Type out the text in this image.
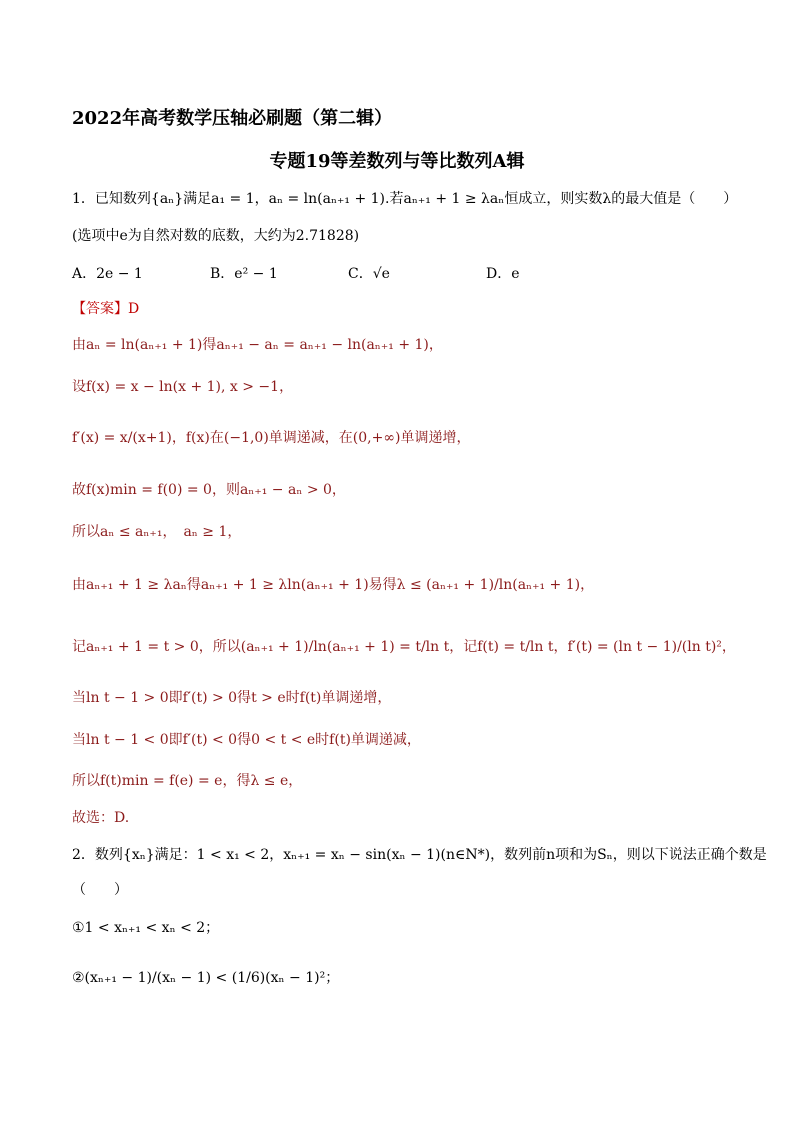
2022年高考数学压轴必刷题（第二辑）
专题19等差数列与等比数列A辑
1．已知数列{aₙ}满足a₁ = 1，aₙ = ln(aₙ₊₁ + 1).若aₙ₊₁ + 1 ≥ λaₙ恒成立，则实数λ的最大值是（　　）
(选项中e为自然对数的底数，大约为2.71828)
A．2e − 1	B．e² − 1	C．√e	D．e
【答案】D
由aₙ = ln(aₙ₊₁ + 1)得aₙ₊₁ − aₙ = aₙ₊₁ − ln(aₙ₊₁ + 1)，
设f(x) = x − ln(x + 1), x > −1，
f′(x) = x/(x+1)，f(x)在(−1,0)单调递减，在(0,+∞)单调递增，
故f(x)min = f(0) = 0，则aₙ₊₁ − aₙ > 0，
所以aₙ ≤ aₙ₊₁，　aₙ ≥ 1，
由aₙ₊₁ + 1 ≥ λaₙ得aₙ₊₁ + 1 ≥ λln(aₙ₊₁ + 1)易得λ ≤ (aₙ₊₁ + 1)/ln(aₙ₊₁ + 1)，
记aₙ₊₁ + 1 = t > 0，所以(aₙ₊₁ + 1)/ln(aₙ₊₁ + 1) = t/ln t，记f(t) = t/ln t，f′(t) = (ln t − 1)/(ln t)²，
当ln t − 1 > 0即f′(t) > 0得t > e时f(t)单调递增，
当ln t − 1 < 0即f′(t) < 0得0 < t < e时f(t)单调递减，
所以f(t)min = f(e) = e，得λ ≤ e，
故选：D.
2．数列{xₙ}满足：1 < x₁ < 2，xₙ₊₁ = xₙ − sin(xₙ − 1)(n∈N*)，数列前n项和为Sₙ，则以下说法正确个数是
（　　）
①1 < xₙ₊₁ < xₙ < 2；
②(xₙ₊₁ − 1)/(xₙ − 1) < (1/6)(xₙ − 1)²；
